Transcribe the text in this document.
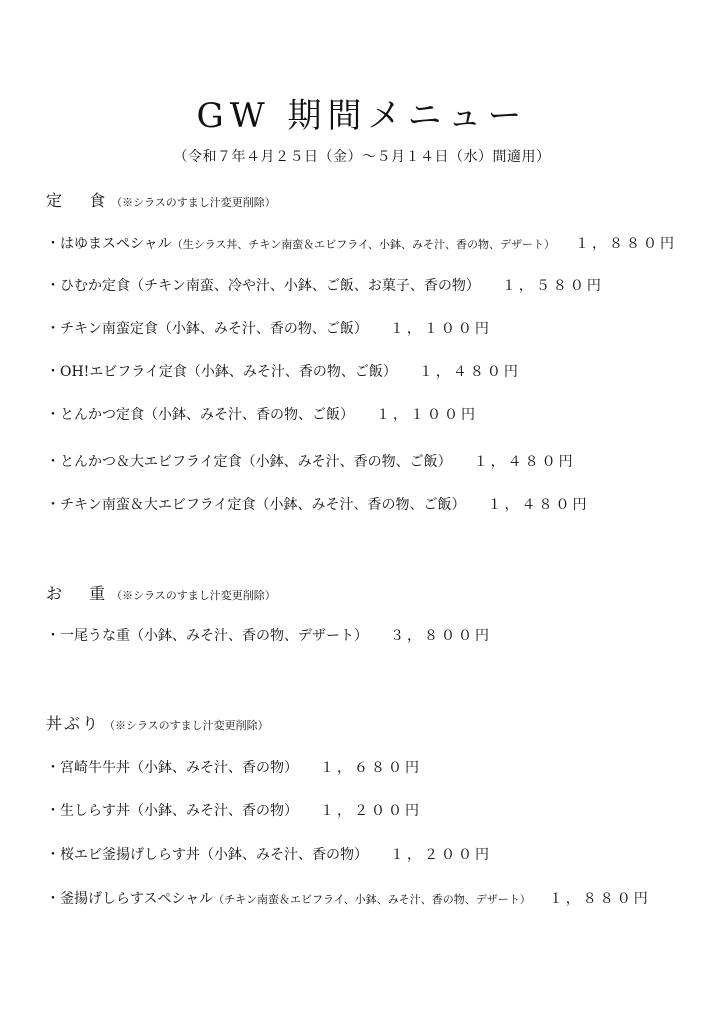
GW 期間メニュー
（令和７年４月２５日（金）～５月１４日（水）間適用）
定　 食 （※シラスのすまし汁変更削除）
・はゆまスペシャル（生シラス丼、チキン南蛮＆エビフライ、小鉢、みそ汁、香の物、デザート） １，８８０円
・ひむか定食（チキン南蛮、冷や汁、小鉢、ご飯、お菓子、香の物） １，５８０円
・チキン南蛮定食（小鉢、みそ汁、香の物、ご飯） １，１００円
・OH!エビフライ定食（小鉢、みそ汁、香の物、ご飯） １，４８０円
・とんかつ定食（小鉢、みそ汁、香の物、ご飯） １，１００円
・とんかつ＆大エビフライ定食（小鉢、みそ汁、香の物、ご飯） １，４８０円
・チキン南蛮＆大エビフライ定食（小鉢、みそ汁、香の物、ご飯） １，４８０円
お　 重 （※シラスのすまし汁変更削除）
・一尾うな重（小鉢、みそ汁、香の物、デザート） ３，８００円
丼ぶり （※シラスのすまし汁変更削除）
・宮崎牛牛丼（小鉢、みそ汁、香の物） １，６８０円
・生しらす丼（小鉢、みそ汁、香の物） １，２００円
・桜エビ釜揚げしらす丼（小鉢、みそ汁、香の物） １，２００円
・釜揚げしらすスペシャル（チキン南蛮＆エビフライ、小鉢、みそ汁、香の物、デザート） １，８８０円
